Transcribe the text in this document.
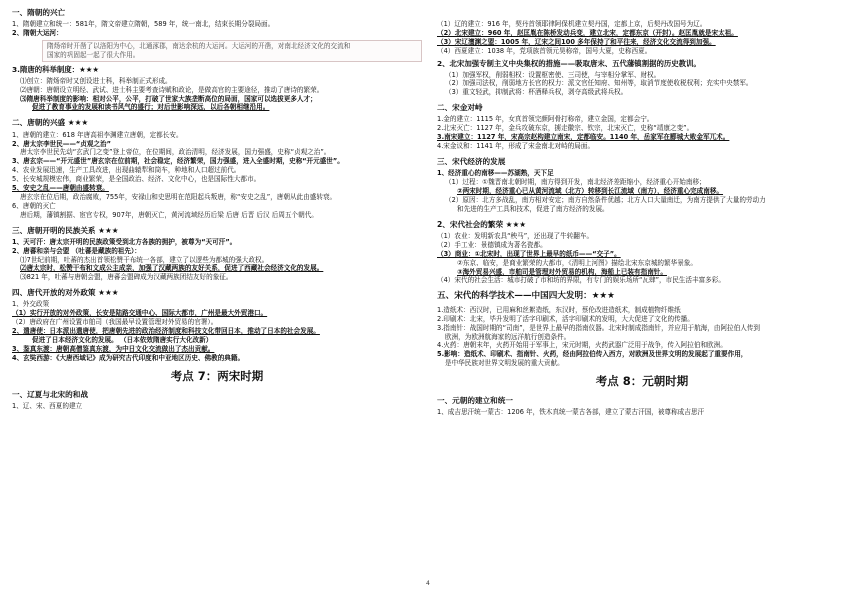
一、隋朝的兴亡
1、隋朝建立和统一：581年，隋文帝建立隋朝，589 年，统一南北，结束长期分裂局面。
2、隋朝大运河：
隋炀帝时开凿了以洛阳为中心，北通涿郡，南达余杭的大运河。大运河的开凿，对南北经济文化的交流和
国家的巩固起一起了很大作用。
3.隋唐的科举制度：★★★
⑴创立：隋炀帝时又创设进士科，科举制正式形成。
⑵唐朝：唐朝设立明经、武试、进士科主要考查诗赋和政论，是做高官的主要途径，推动了唐诗的繁荣。
⑶隋唐科举制度的影响：相对公平，公平，打破了世家大族垄断高位的局面，国家可以选拔更多人才；
促进了教育事业的发展和读书风气的盛行；对后世影响深远，以后各朝相继沿用。
二、唐朝的兴盛 ★★★
1、唐朝的建立：618 年唐高祖李渊建立唐朝，定都长安。
2、唐太宗李世民——“贞观之治”
唐太宗李世民先动“玄武门之变”登上帝位，在位期间，政治清明，经济发展，国力强盛，史称“贞观之治”。
3、唐玄宗——“开元盛世”唐玄宗在位前期，社会稳定，经济繁荣，国力强盛，进入全盛时期，史称“开元盛世”。
4、农业发展迅速，生产工具改进，出现曲辕犁和筒车，种地和人口超过前代。
5、长安城规模宏伟，商业繁荣，是全国政治、经济、文化中心，也是国际性大都市。
5、安史之乱——唐朝由盛转衰。
唐玄宗在位后期，政治腐败，755年，安禄山和史思明在范阳起兵叛唐，称“安史之乱”，唐朝从此由盛转衰。
6、唐朝的灭亡
唐后期，藩镇割据、宦官专权，907年，唐朝灭亡，黄河流域经历后梁 后唐 后晋 后汉 后周五个朝代。
三、唐朝开明的民族关系 ★★★
1、天可汗：唐太宗开明的民族政策受到北方各族的拥护，被尊为“天可汗”。
2、唐蕃和亲与会盟 （吐蕃是藏族的祖先）：
⑴7世纪前期，吐蕃的杰出首领松赞干布统一各部，建立了以逻些为都城的强大政权。
⑵唐太宗时，松赞干布和文成公主成亲，加强了汉藏两族的友好关系，促进了西藏社会经济文化的发展。
⑶821 年，吐蕃与唐朝会盟，唐蕃会盟碑成为汉藏两族团结友好的象征。
四、唐代开放的对外政策 ★★★
1、外交政策
（1）实行开放的对外政策，长安是陆路交通中心、国际大都市，广州是最大外贸港口。
（2）唐政府在广州设置市舶司（我国最早设置管理对外贸易的官署）。
2、遣唐使：日本派出遣唐使，把唐朝先进的政治经济制度和科技文化带回日本，推动了日本的社会发展。
促进了日本经济文化的发展。 （日本依效隋唐实行大化改新）
3、鉴真东渡：唐朝高僧鉴真东渡，为中日文化交流做出了杰出贡献。
4、玄奘西游：《大唐西域记》成为研究古代印度和中亚地区历史、佛教的典籍。
考点 7：两宋时期
一、辽夏与北宋的和战
1、辽、宋、西夏的建立
（1）辽的建立：916 年，契丹首领耶律阿保机建立契丹国，定都上京，后契丹改国号为辽。
（2）北宋建立：960 年，赵匡胤在陈桥发动兵变，建立北宋，定都东京（开封）。赵匡胤就是宋太祖。
（3）宋辽澶渊之盟：1005 年，辽宋之间100 多年保持了和平往来，经济文化交流得到加强。
（4）西夏建立：1038 年，党项族首领元昊称帝，国号大夏，史称西夏。
2、北宋加强专制主义中央集权的措施——吸取唐末、五代藩镇割据的历史教训。
（1）加强军权，削弱相权：设置枢密使、三司使，与宰相分掌军、财权。
（2）加强司法权，削弱地方长官的权力：派文官任知府、知州等，取消节度使收税权利；充实中央禁军。
（3）重文轻武，抑制武将：杯酒释兵权，剥夺高级武将兵权。
二、宋金对峙
1.金的建立：1115 年，女真首领完颜阿骨打称帝，建立金国，定都会宁。
2.北宋灭亡：1127 年，金兵攻破东京，掳走徽宗、钦宗，北宋灭亡，史称“靖康之变”。
3.南宋建立：1127 年，宋高宗赵构建立南宋，定都临安。1140 年，岳家军在郾城大败金军兀术。
4.宋金议和：1141 年，形成了宋金南北对峙的局面。
三、宋代经济的发展
1、经济重心的南移——苏湖熟，天下足
（1）过程：①魏晋南北朝时期，南方得到开发，南北经济差距缩小，经济重心开始南移；
②两宋时期，经济重心已从黄河流域（北方）转移到长江流域（南方），经济重心完成南移。
（2）原因：北方多战乱，南方相对安定；南方自然条件优越；北方人口大量南迁，为南方提供了大量的劳动力
和先进的生产工具和技术，促进了南方经济的发展。
2、宋代社会的繁荣 ★★★
（1）农业：发明新农具“秧马”，还出现了牛转翻车。
（2）手工业：景德镇成为著名瓷都。
（3）商业：①北宋时，出现了世界上最早的纸币——“交子”。
②东京、临安，是商业繁荣的大都市，《清明上河图》描绘北宋东京城的繁华景象。
③海外贸易兴盛，市舶司是管理对外贸易的机构，海船上已装有指南针。
（4）宋代的社会生活：城市打破了市和坊的界限，有专门的娱乐场所“瓦肆”，市民生活丰富多彩。
五、宋代的科学技术——中国四大发明：★★★
1.造纸术：西汉时，已用麻和丝絮造纸，东汉时，蔡伦改进造纸术，制成植物纤维纸
2.印刷术：北宋，毕升发明了活字印刷术，活字印刷术的发明，大大促进了文化的传播。
3.指南针：战国时期的“司南”，是世界上最早的指南仪器。北宋时制成指南针，并应用于航海，由阿拉伯人传到
欧洲，为欧洲航海家的远洋航行创造条件。
4.火药：唐朝末年，火药开始用于军事上，宋元时期，火药武器广泛用于战争，传入阿拉伯和欧洲。
5.影响：造纸术、印刷术、指南针、火药，经由阿拉伯传入西方，对欧洲及世界文明的发展起了重要作用，
是中华民族对世界文明发展的重大贡献。
考点 8：元朝时期
一、元朝的建立和统一
1、成吉思汗统一蒙古：1206 年，铁木真统一蒙古各部，建立了蒙古汗国，被尊称成吉思汗
4
